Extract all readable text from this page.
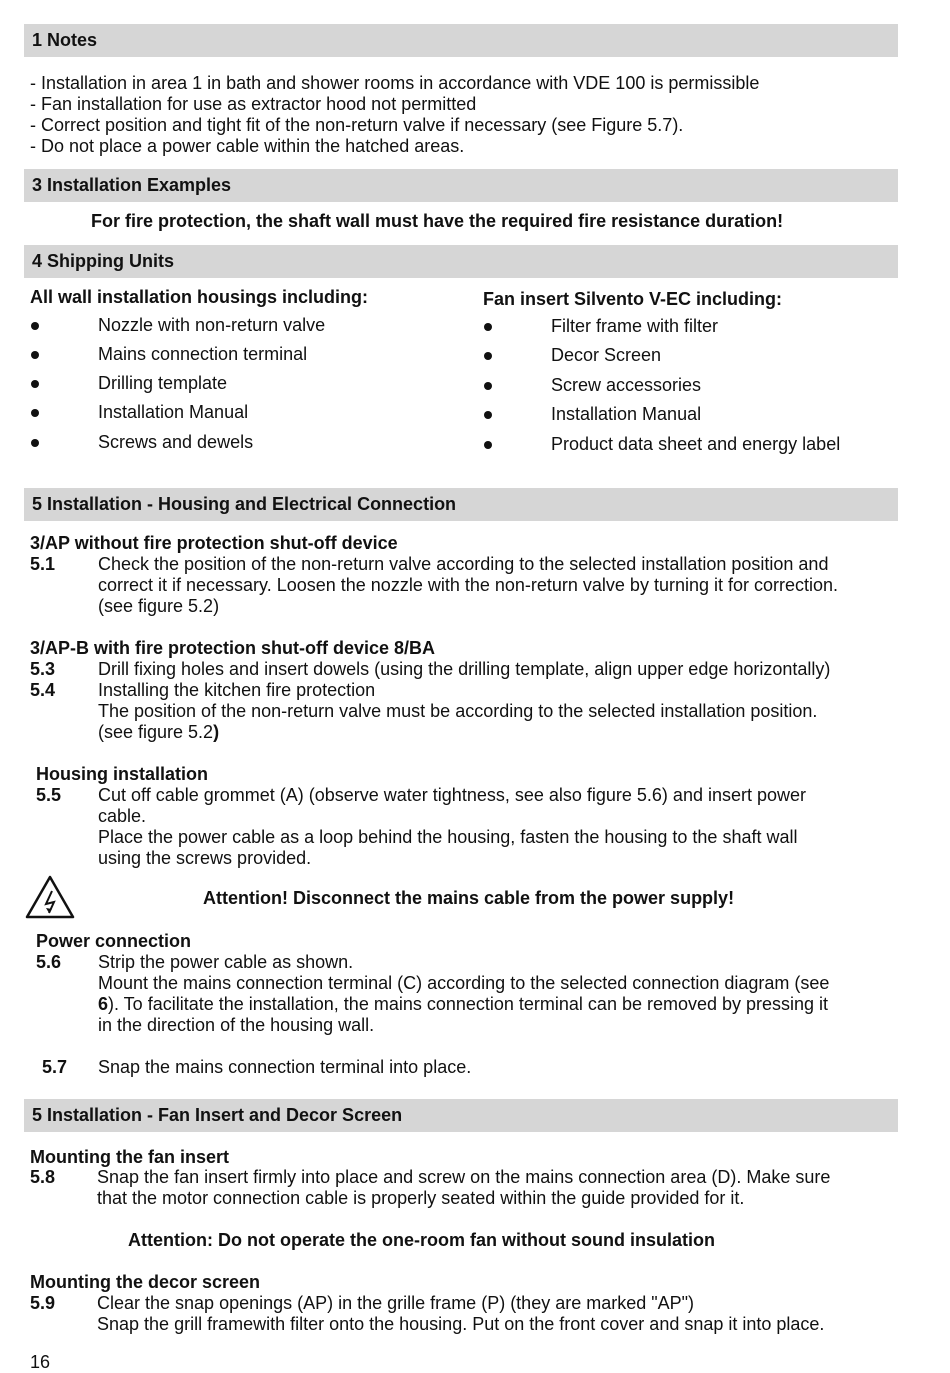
1 Notes
- Installation in area 1 in bath and shower rooms in accordance with VDE 100 is permissible
- Fan installation for use as extractor hood not permitted
- Correct position and tight fit of the non-return valve if necessary (see Figure 5.7).
- Do not place a power cable within the hatched areas.
3 Installation Examples
For fire protection, the shaft wall must have the required fire resistance duration!
4 Shipping Units
All wall installation housings including:	Fan insert Silvento V-EC including:
Nozzle with non-return valve
Mains connection terminal
Drilling template
Installation Manual
Screws and dewels
Filter frame with filter
Decor Screen
Screw accessories
Installation Manual
Product data sheet and energy label
5 Installation - Housing and Electrical Connection
3/AP without fire protection shut-off device
5.1 Check the position of the non-return valve according to the selected installation position and
correct it if necessary. Loosen the nozzle with the non-return valve by turning it for correction.
(see figure 5.2)
3/AP-B with fire protection shut-off device 8/BA
5.3 Drill fixing holes and insert dowels (using the drilling template, align upper edge horizontally)
5.4 Installing the kitchen fire protection
The position of the non-return valve must be according to the selected installation position.
(see figure 5.2)
Housing installation
5.5 Cut off cable grommet (A) (observe water tightness, see also figure 5.6) and insert power
cable.
Place the power cable as a loop behind the housing, fasten the housing to the shaft wall
using the screws provided.
Attention! Disconnect the mains cable from the power supply!
Power connection
5.6 Strip the power cable as shown.
Mount the mains connection terminal (C) according to the selected connection diagram (see
6). To facilitate the installation, the mains connection terminal can be removed by pressing it
in the direction of the housing wall.
5.7 Snap the mains connection terminal into place.
5 Installation - Fan Insert and Decor Screen
Mounting the fan insert
5.8 Snap the fan insert firmly into place and screw on the mains connection area (D). Make sure
that the motor connection cable is properly seated within the guide provided for it.
Attention: Do not operate the one-room fan without sound insulation
Mounting the decor screen
5.9 Clear the snap openings (AP) in the grille frame (P) (they are marked "AP")
Snap the grill framewith filter onto the housing. Put on the front cover and snap it into place.
16
